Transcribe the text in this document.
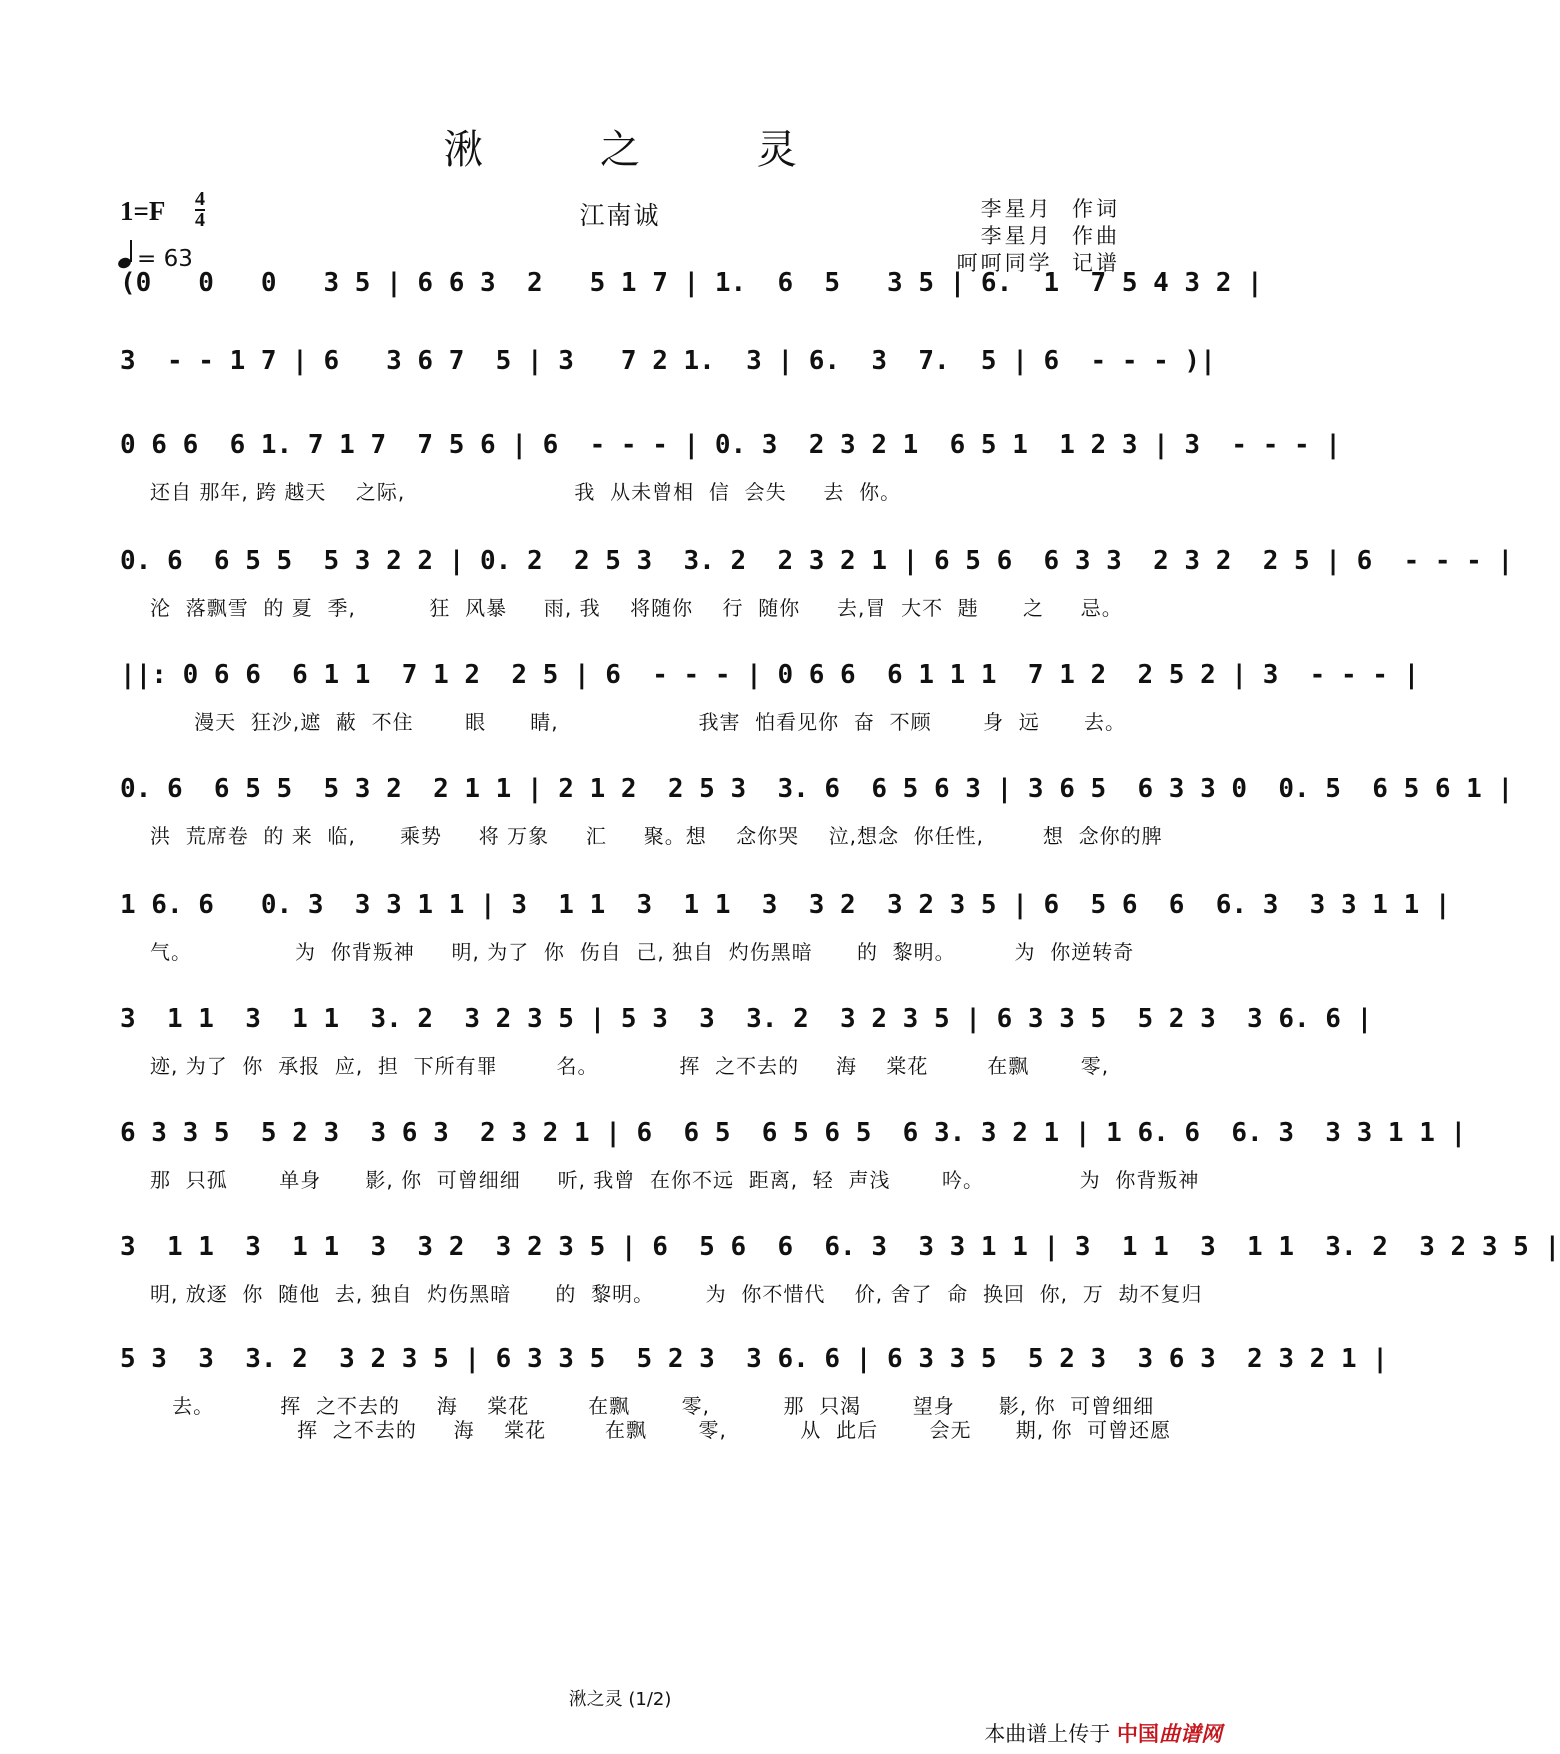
湫 之 灵
1=F 4
4
= 63
江南诚	李星月  作词
李星月  作曲
呵呵同学  记谱
(0   0   0   3 5 | 6 6 3  2   5 1 7 | 1.  6  5   3 5 | 6.  1  7 5 4 3 2 |
3  - - 1 7 | 6   3 6 7  5 | 3   7 2 1.  3 | 6.  3  7.  5 | 6  - - - )|
0 6 6  6 1. 7 1 7  7 5 6 | 6  - - - | 0. 3  2 3 2 1  6 5 1  1 2 3 | 3  - - - |
还自 那年, 跨 越天    之际,                       我  从未曾相  信  会失     去  你。
0. 6  6 5 5  5 3 2 2 | 0. 2  2 5 3  3. 2  2 3 2 1 | 6 5 6  6 3 3  2 3 2  2 5 | 6  - - - |
沦  落飘雪  的 夏  季,          狂  风暴     雨, 我    将随你    行  随你     去,冒  大不  韪      之     忌。
||: 0 6 6  6 1 1  7 1 2  2 5 | 6  - - - | 0 6 6  6 1 1 1  7 1 2  2 5 2 | 3  - - - |
漫天  狂沙,遮  蔽  不住       眼      睛,                   我害  怕看见你  奋  不顾       身  远      去。
0. 6  6 5 5  5 3 2  2 1 1 | 2 1 2  2 5 3  3. 6  6 5 6 3 | 3 6 5  6 3 3 0  0. 5  6 5 6 1 |
洪  荒席卷  的 来  临,      乘势     将 万象     汇     聚。想    念你哭    泣,想念  你任性,        想  念你的脾
1 6. 6   0. 3  3 3 1 1 | 3  1 1  3  1 1  3  3 2  3 2 3 5 | 6  5 6  6  6. 3  3 3 1 1 |
气。              为  你背叛神     明, 为了  你  伤自  己, 独自  灼伤黑暗      的  黎明。        为  你逆转奇
3  1 1  3  1 1  3. 2  3 2 3 5 | 5 3  3  3. 2  3 2 3 5 | 6 3 3 5  5 2 3  3 6. 6 |
迹, 为了  你  承报  应,  担  下所有罪        名。           挥  之不去的     海    棠花        在飘       零,
6 3 3 5  5 2 3  3 6 3  2 3 2 1 | 6  6 5  6 5 6 5  6 3. 3 2 1 | 1 6. 6  6. 3  3 3 1 1 |
那  只孤       单身      影, 你  可曾细细     听, 我曾  在你不远  距离,  轻  声浅       吟。             为  你背叛神
3  1 1  3  1 1  3  3 2  3 2 3 5 | 6  5 6  6  6. 3  3 3 1 1 | 3  1 1  3  1 1  3. 2  3 2 3 5 |
明, 放逐  你  随他  去, 独自  灼伤黑暗      的  黎明。       为  你不惜代    价, 舍了  命  换回  你,  万  劫不复归
5 3  3  3. 2  3 2 3 5 | 6 3 3 5  5 2 3  3 6. 6 | 6 3 3 5  5 2 3  3 6 3  2 3 2 1 |
去。         挥  之不去的     海    棠花        在飘       零,          那  只渴       望身      影, 你  可曾细细
挥  之不去的     海    棠花        在飘       零,          从  此后       会无      期, 你  可曾还愿
湫之灵 (1/2)
本曲谱上传于 中国曲谱网
